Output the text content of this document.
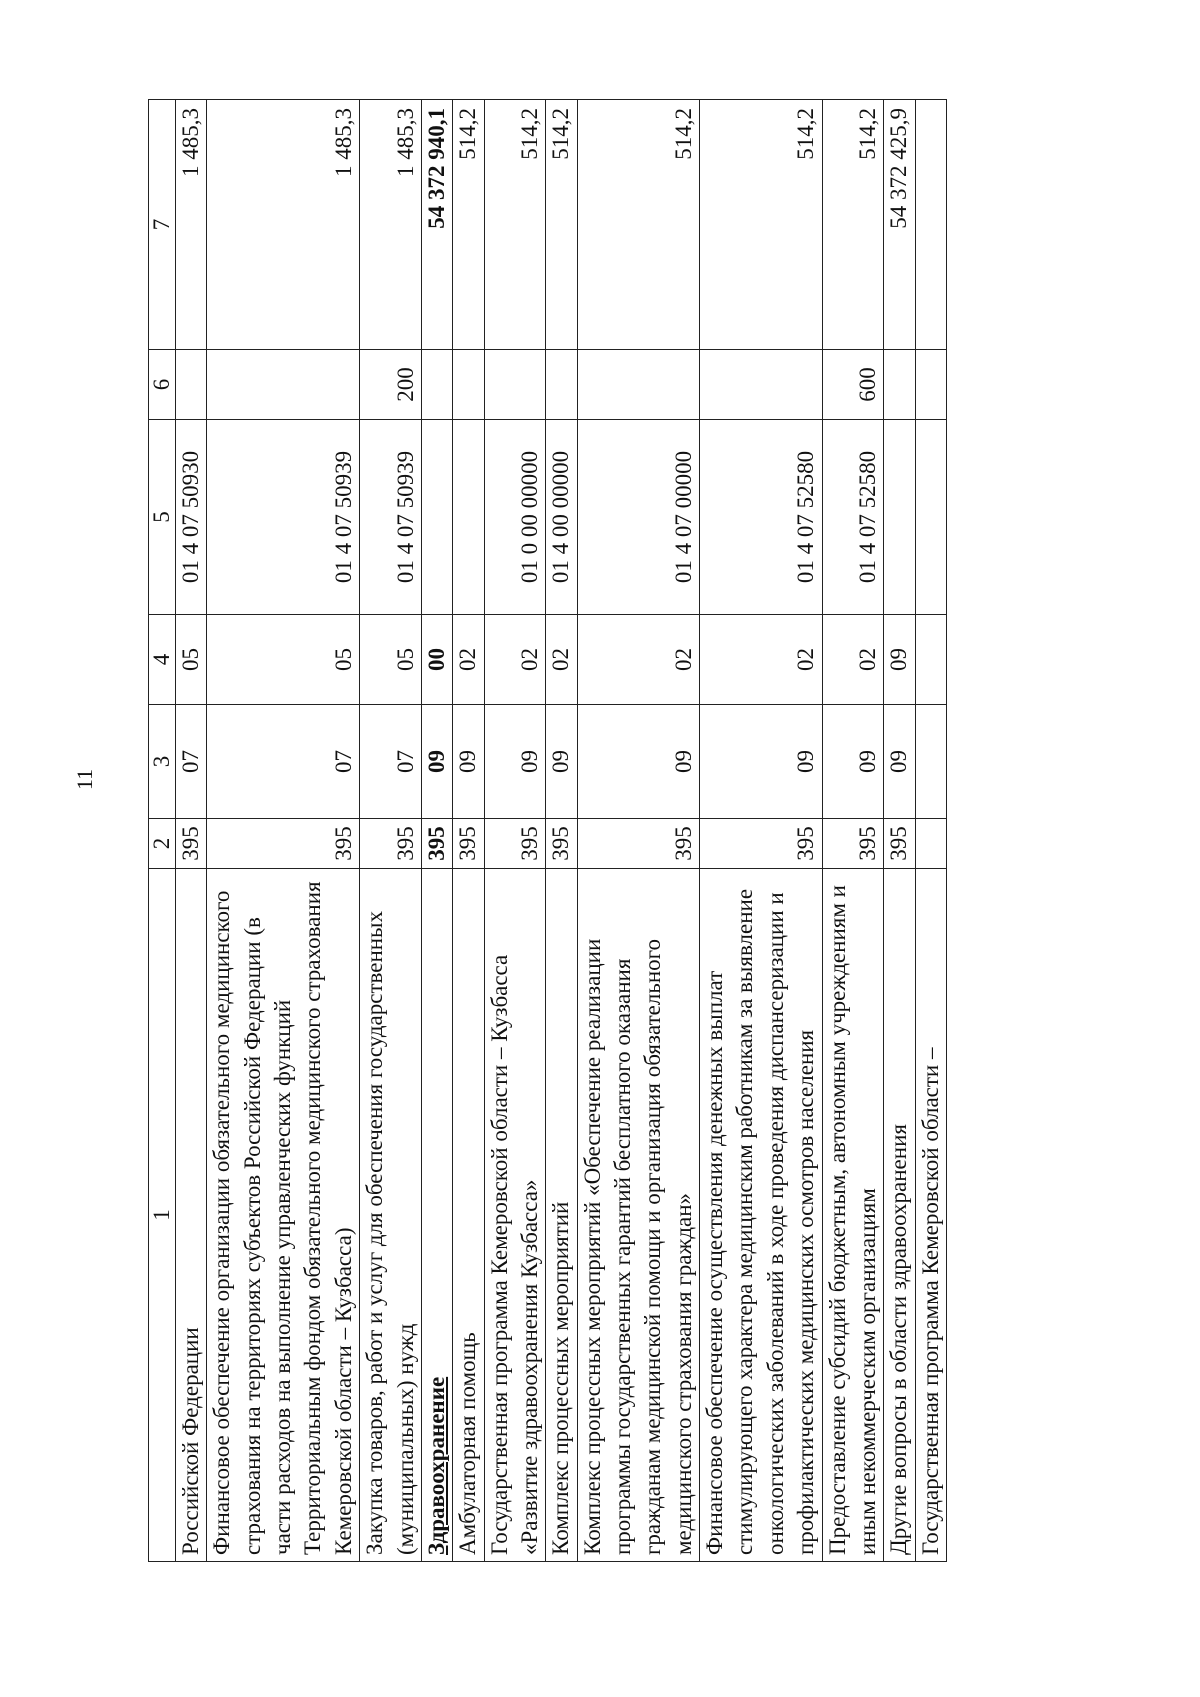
11
1	2	3	4	5	6	7
Российской Федерации	395	07	05	01 4 07 50930		1 485,3
Финансовое обеспечение организации обязательного медицинского страхования на территориях субъектов Российской Федерации (в части расходов на выполнение управленческих функций Территориальным фондом обязательного медицинского страхования Кемеровской области – Кузбасса)	395	07	05	01 4 07 50939		1 485,3
Закупка товаров, работ и услуг для обеспечения государственных (муниципальных) нужд	395	07	05	01 4 07 50939	200	1 485,3
Здравоохранение	395	09	00			54 372 940,1
Амбулаторная помощь	395	09	02			514,2
Государственная программа Кемеровской области – Кузбасса «Развитие здравоохранения Кузбасса»	395	09	02	01 0 00 00000		514,2
Комплекс процессных мероприятий	395	09	02	01 4 00 00000		514,2
Комплекс процессных мероприятий «Обеспечение реализации программы государственных гарантий бесплатного оказания гражданам медицинской помощи и организация обязательного медицинского страхования граждан»	395	09	02	01 4 07 00000		514,2
Финансовое обеспечение осуществления денежных выплат стимулирующего характера медицинским работникам за выявление онкологических заболеваний в ходе проведения диспансеризации и профилактических медицинских осмотров населения	395	09	02	01 4 07 52580		514,2
Предоставление субсидий бюджетным, автономным учреждениям и иным некоммерческим организациям	395	09	02	01 4 07 52580	600	514,2
Другие вопросы в области здравоохранения	395	09	09			54 372 425,9
Государственная программа Кемеровской области –						
